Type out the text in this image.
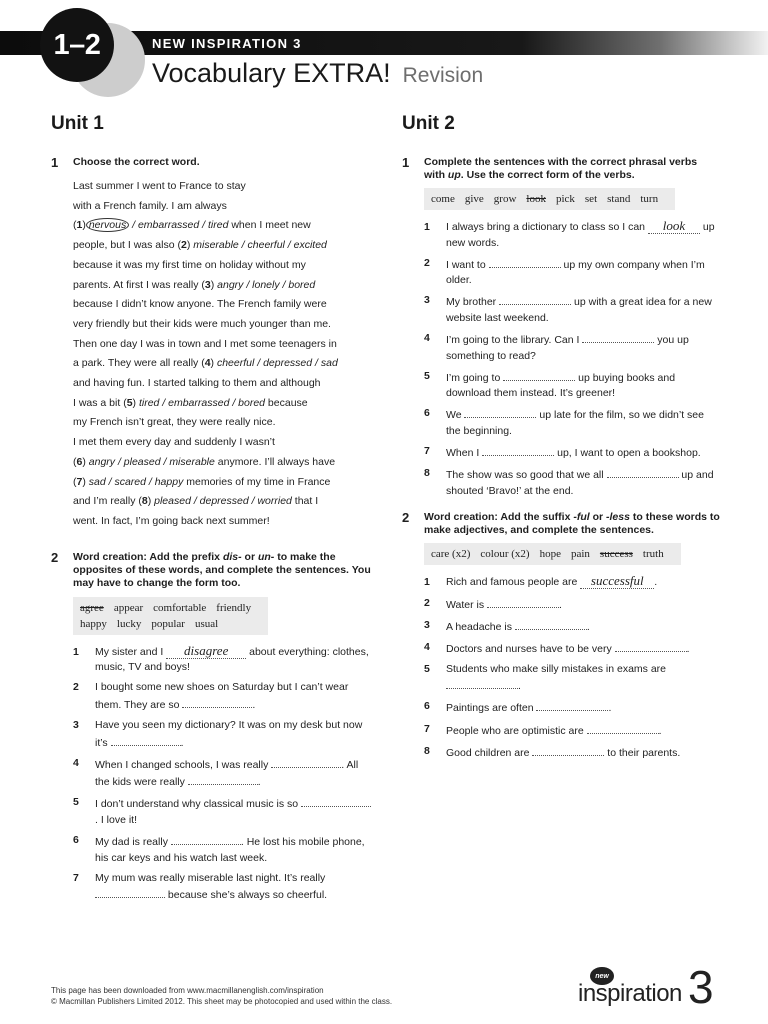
1–2	NEW INSPIRATION 3
Vocabulary EXTRA! Revision
Unit 1
1 Choose the correct word.

Last summer I went to France to stay
with a French family. I am always
(1) nervous / embarrassed / tired when I meet new
people, but I was also (2) miserable / cheerful / excited
because it was my first time on holiday without my
parents. At first I was really (3) angry / lonely / bored
because I didn’t know anyone. The French family were
very friendly but their kids were much younger than me.
Then one day I was in town and I met some teenagers in
a park. They were all really (4) cheerful / depressed / sad
and having fun. I started talking to them and although
I was a bit (5) tired / embarrassed / bored because
my French isn’t great, they were really nice.
I met them every day and suddenly I wasn’t
(6) angry / pleased / miserable anymore. I’ll always have
(7) sad / scared / happy memories of my time in France
and I’m really (8) pleased / depressed / worried that I
went. In fact, I’m going back next summer!
2 Word creation: Add the prefix dis- or un- to make the opposites of these words, and complete the sentences. You may have to change the form too.

agree appear comfortable friendly
happy lucky popular usual
1 My sister and I disagree about everything: clothes, music, TV and boys!
2 I bought some new shoes on Saturday but I can’t wear them. They are so	.
3 Have you seen my dictionary? It was on my desk but now it’s	.
4 When I changed schools, I was really	. All the kids were really	.
5 I don’t understand why classical music is so . I love it!
6 My dad is really	. He lost his mobile phone, his car keys and his watch last week.
7 My mum was really miserable last night. It’s really  because she’s always so cheerful.
Unit 2
1 Complete the sentences with the correct phrasal verbs with up. Use the correct form of the verbs.

come give grow look pick set stand turn
1 I always bring a dictionary to class so I can look up new words.
2 I want to	up my own company when I’m older.
3 My brother	up with a great idea for a new website last weekend.
4 I’m going to the library. Can I	you up something to read?
5 I’m going to	up buying books and download them instead. It’s greener!
6 We	up late for the film, so we didn’t see the beginning.
7 When I	up, I want to open a bookshop.
8 The show was so good that we all	up and shouted ‘Bravo!’ at the end.
2 Word creation: Add the suffix -ful or -less to these words to make adjectives, and complete the sentences.

care (x2) colour (x2) hope pain success truth
1 Rich and famous people are successful .
2 Water is	.
3 A headache is	.
4 Doctors and nurses have to be very	.
5 Students who make silly mistakes in exams are .
6 Paintings are often	.
7 People who are optimistic are	.
8 Good children are	to their parents.
This page has been downloaded from www.macmillanenglish.com/inspiration
© Macmillan Publishers Limited 2012. This sheet may be photocopied and used within the class.
new
inspiration 3
